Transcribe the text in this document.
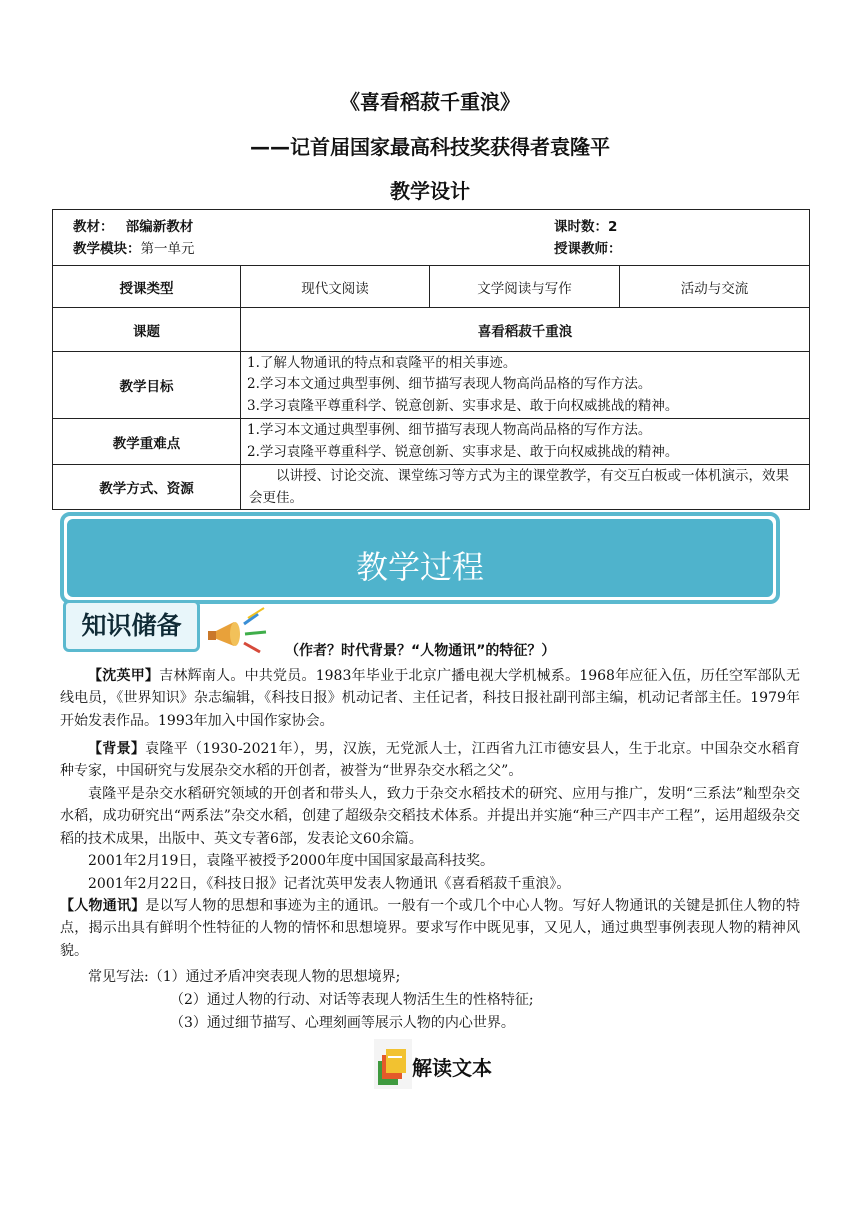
《喜看稻菽千重浪》
——记首届国家最高科技奖获得者袁隆平
教学设计
教材： 部编新教材
教学模块：第一单元
课时数：2
授课教师：			

授课类型	现代文阅读	文学阅读与写作	活动与交流
课题	喜看稻菽千重浪		
教学目标	1.了解人物通讯的特点和袁隆平的相关事迹。
2.学习本文通过典型事例、细节描写表现人物高尚品格的写作方法。
3.学习袁隆平尊重科学、锐意创新、实事求是、敢于向权威挑战的精神。		

教学重难点	1.学习本文通过典型事例、细节描写表现人物高尚品格的写作方法。
2.学习袁隆平尊重科学、锐意创新、实事求是、敢于向权威挑战的精神。		

教学方式、资源	以讲授、讨论交流、课堂练习等方式为主的课堂教学，有交互白板或一体机演示，效果会更佳。		
教学过程
知识储备
（作者？时代背景？“人物通讯”的特征？）

【沈英甲】吉林辉南人。中共党员。1983年毕业于北京广播电视大学机械系。1968年应征入伍，历任空军部队无线电员，《世界知识》杂志编辑，《科技日报》机动记者、主任记者，科技日报社副刊部主编，机动记者部主任。1979年开始发表作品。1993年加入中国作家协会。

【背景】袁隆平（1930-2021年），男，汉族，无党派人士，江西省九江市德安县人，生于北京。中国杂交水稻育种专家，中国研究与发展杂交水稻的开创者，被誉为“世界杂交水稻之父”。

袁隆平是杂交水稻研究领域的开创者和带头人，致力于杂交水稻技术的研究、应用与推广，发明“三系法”籼型杂交水稻，成功研究出“两系法”杂交水稻，创建了超级杂交稻技术体系。并提出并实施“种三产四丰产工程”，运用超级杂交稻的技术成果，出版中、英文专著6部，发表论文60余篇。

2001年2月19日，袁隆平被授予2000年度中国国家最高科技奖。

2001年2月22日，《科技日报》记者沈英甲发表人物通讯《喜看稻菽千重浪》。

【人物通讯】是以写人物的思想和事迹为主的通讯。一般有一个或几个中心人物。写好人物通讯的关键是抓住人物的特点，揭示出具有鲜明个性特征的人物的情怀和思想境界。要求写作中既见事，又见人，通过典型事例表现人物的精神风貌。

常见写法:（1）通过矛盾冲突表现人物的思想境界;
（2）通过人物的行动、对话等表现人物活生生的性格特征;
（3）通过细节描写、心理刻画等展示人物的内心世界。
解读文本
